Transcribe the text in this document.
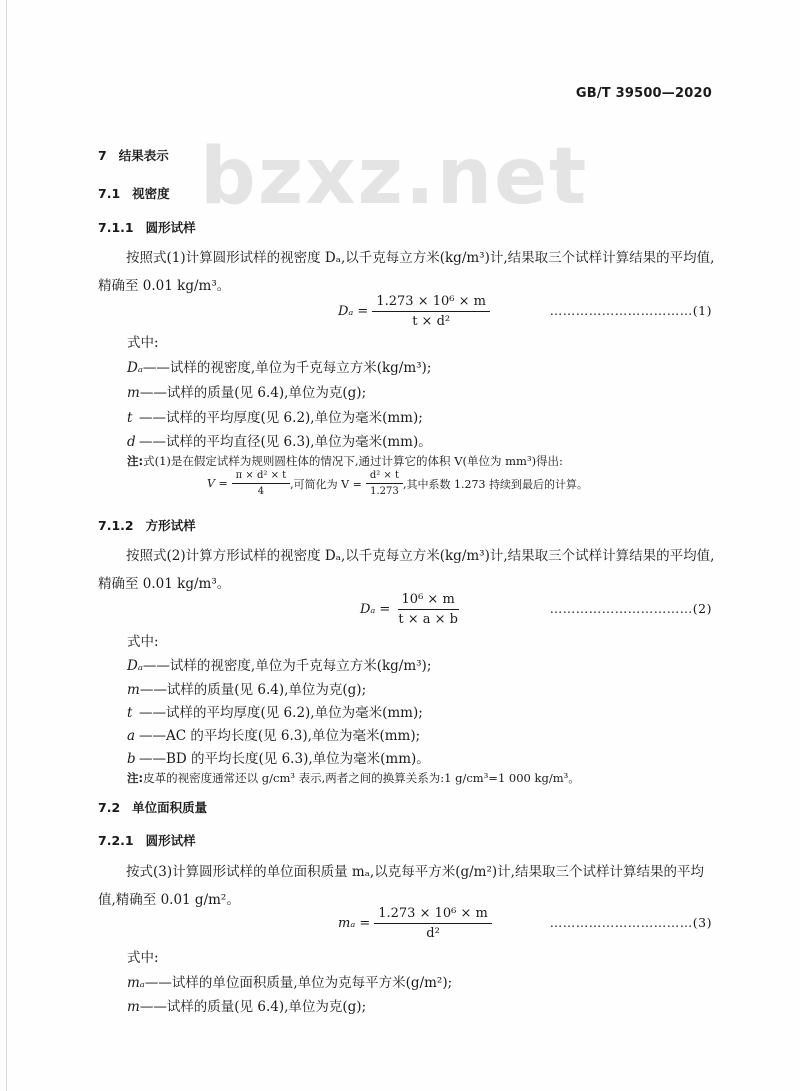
GB/T 39500—2020
bzxz.net
7 结果表示
7.1 视密度
7.1.1 圆形试样
按照式(1)计算圆形试样的视密度 Dₐ,以千克每立方米(kg/m³)计,结果取三个试样计算结果的平均值,精确至 0.01 kg/m³。
$D_a = \frac{\text{1.273 × 10⁶ × m}}{\text{t × d²}}$	……………………………(1)
式中:
Dₐ——试样的视密度,单位为千克每立方米(kg/m³);
m——试样的质量(见 6.4),单位为克(g);
t ——试样的平均厚度(见 6.2),单位为毫米(mm);
d ——试样的平均直径(见 6.3),单位为毫米(mm)。
注:式(1)是在假定试样为规则圆柱体的情况下,通过计算它的体积 V(单位为 mm³)得出:
$V = \frac{\text{π × d² × t}}{4}$ ,可简化为 $V = \frac{\text{d² × t}}{1.273}$ ,其中系数 1.273 持续到最后的计算。
7.1.2 方形试样
按照式(2)计算方形试样的视密度 Dₐ,以千克每立方米(kg/m³)计,结果取三个试样计算结果的平均值,精确至 0.01 kg/m³。
$D_a = \frac{\text{10⁶ × m}}{t \times a \times b}$	……………………………(2)
式中:
Dₐ——试样的视密度,单位为千克每立方米(kg/m³);
m——试样的质量(见 6.4),单位为克(g);
t ——试样的平均厚度(见 6.2),单位为毫米(mm);
a ——AC 的平均长度(见 6.3),单位为毫米(mm);
b ——BD 的平均长度(见 6.3),单位为毫米(mm)。
注:皮革的视密度通常还以 g/cm³ 表示,两者之间的换算关系为:1 g/cm³=1 000 kg/m³。
7.2 单位面积质量
7.2.1 圆形试样
按式(3)计算圆形试样的单位面积质量 mₐ,以克每平方米(g/m²)计,结果取三个试样计算结果的平均值,精确至 0.01 g/m²。
$m_a = \frac{\text{1.273 × 10⁶ × m}}{\text{d²}}$	……………………………(3)
式中:
mₐ——试样的单位面积质量,单位为克每平方米(g/m²);
m——试样的质量(见 6.4),单位为克(g);
